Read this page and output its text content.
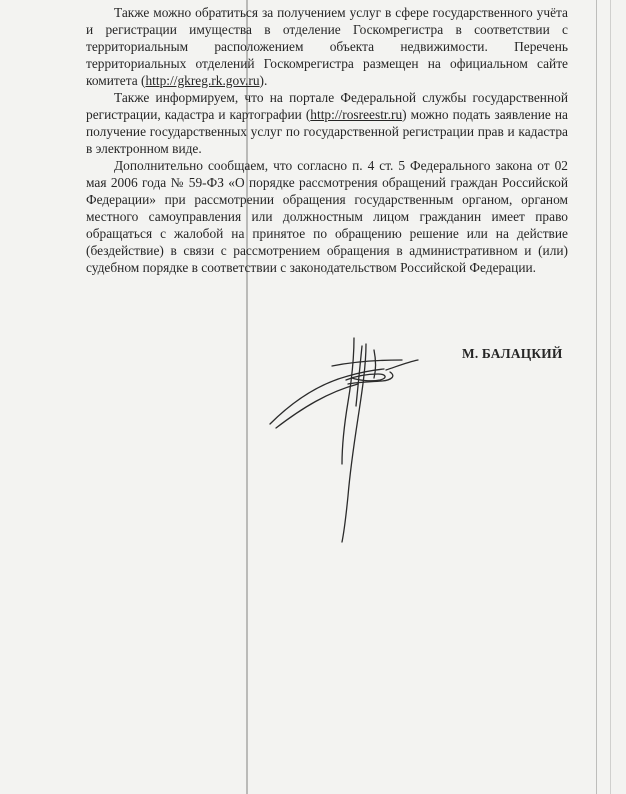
Также можно обратиться за получением услуг в сфере государственного учёта и регистрации имущества в отделение Госкомрегистра в соответствии с территориальным расположением объекта недвижимости. Перечень территориальных отделений Госкомрегистра размещен на официальном сайте комитета (http://gkreg.rk.gov.ru).

Также информируем, что на портале Федеральной службы государственной регистрации, кадастра и картографии (http://rosreestr.ru) можно подать заявление на получение государственных услуг по государственной регистрации прав и кадастра в электронном виде.

Дополнительно сообщаем, что согласно п. 4 ст. 5 Федерального закона от 02 мая 2006 года № 59-ФЗ «О порядке рассмотрения обращений граждан Российской Федерации» при рассмотрении обращения государственным органом, органом местного самоуправления или должностным лицом гражданин имеет право обращаться с жалобой на принятое по обращению решение или на действие (бездействие) в связи с рассмотрением обращения в административном и (или) судебном порядке в соответствии с законодательством Российской Федерации.

М. БАЛАЦКИЙ
